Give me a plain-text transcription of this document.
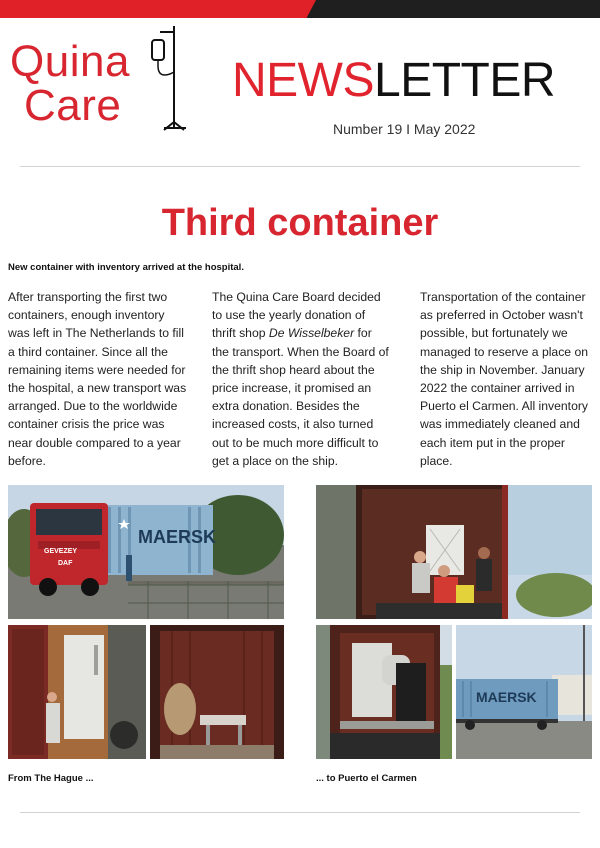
Quina
Care NEWSLETTER
Number 19 I May 2022
Third container
New container with inventory arrived at the hospital.

After transporting the first two containers, enough inventory was left in The Netherlands to fill a third container. Since all the remaining items were needed for the hospital, a new transport was arranged. Due to the worldwide container crisis the price was near double compared to a year before.

The Quina Care Board decided to use the yearly donation of thrift shop De Wisselbeker for the transport. When the Board of the thrift shop heard about the price increase, it promised an extra donation. Besides the increased costs, it also turned out to be much more difficult to get a place on the ship.

Transportation of the container as preferred in October wasn't possible, but fortunately we managed to reserve a place on the ship in November. January 2022 the container arrived in Puerto el Carmen. All inventory was immediately cleaned and each item put in the proper place.

MAERSK
GEVEZEY
DAF
MAERSK
From The Hague ...	... to Puerto el Carmen
